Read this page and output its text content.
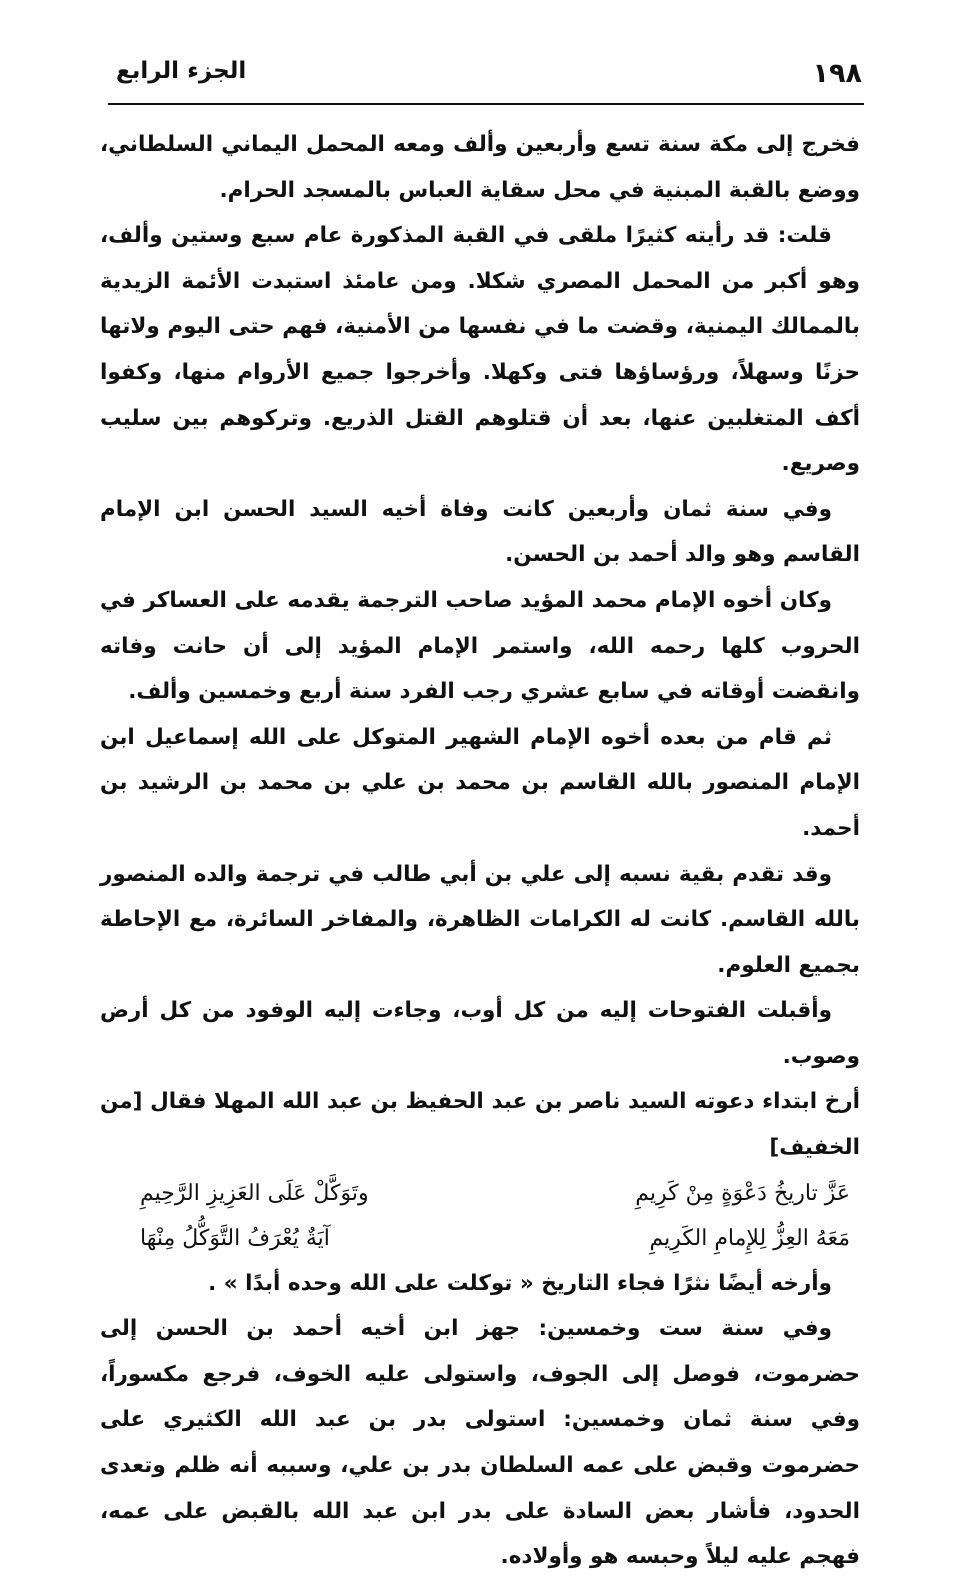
١٩٨
الجزء الرابع

فخرج إلى مكة سنة تسع وأربعين وألف ومعه المحمل اليماني السلطاني، ووضع بالقبة المبنية في محل سقاية العباس بالمسجد الحرام.

قلت: قد رأيته كثيرًا ملقى في القبة المذكورة عام سبع وستين وألف، وهو أكبر من المحمل المصري شكلا. ومن عامئذ استبدت الأئمة الزيدية بالممالك اليمنية، وقضت ما في نفسها من الأمنية، فهم حتى اليوم ولاتها حزنًا وسهلاً، ورؤساؤها فتى وكهلا. وأخرجوا جميع الأروام منها، وكفوا أكف المتغلبين عنها، بعد أن قتلوهم القتل الذريع. وتركوهم بين سليب وصريع.

وفي سنة ثمان وأربعين كانت وفاة أخيه السيد الحسن ابن الإمام القاسم وهو والد أحمد بن الحسن.

وكان أخوه الإمام محمد المؤيد صاحب الترجمة يقدمه على العساكر في الحروب كلها رحمه الله، واستمر الإمام المؤيد إلى أن حانت وفاته وانقضت أوقاته في سابع عشري رجب الفرد سنة أربع وخمسين وألف.

ثم قام من بعده أخوه الإمام الشهير المتوكل على الله إسماعيل ابن الإمام المنصور بالله القاسم بن محمد بن علي بن محمد بن الرشيد بن أحمد.

وقد تقدم بقية نسبه إلى علي بن أبي طالب في ترجمة والده المنصور بالله القاسم. كانت له الكرامات الظاهرة، والمفاخر السائرة، مع الإحاطة بجميع العلوم.

وأقبلت الفتوحات إليه من كل أوب، وجاءت إليه الوفود من كل أرض وصوب.

أرخ ابتداء دعوته السيد ناصر بن عبد الحفيظ بن عبد الله المهلا فقال [من الخفيف]

عَزَّ تاريخُ دَعْوَةٍ مِنْ كَرِيمِ
وتَوَكَّلْ عَلَى العَزِيزِ الرَّحِيمِ
مَعَهُ العِزُّ لِلإِمامِ الكَرِيمِ
آيَةٌ يُعْرَفُ التَّوَكُّلُ مِنْهَا

وأرخه أيضًا نثرًا فجاء التاريخ « توكلت على الله وحده أبدًا » .

وفي سنة ست وخمسين: جهز ابن أخيه أحمد بن الحسن إلى حضرموت، فوصل إلى الجوف، واستولى عليه الخوف، فرجع مكسوراً، وفي سنة ثمان وخمسين: استولى بدر بن عبد الله الكثيري على حضرموت وقبض على عمه السلطان بدر بن علي، وسببه أنه ظلم وتعدى الحدود، فأشار بعض السادة على بدر ابن عبد الله بالقبض على عمه، فهجم عليه ليلاً وحبسه هو وأولاده.
